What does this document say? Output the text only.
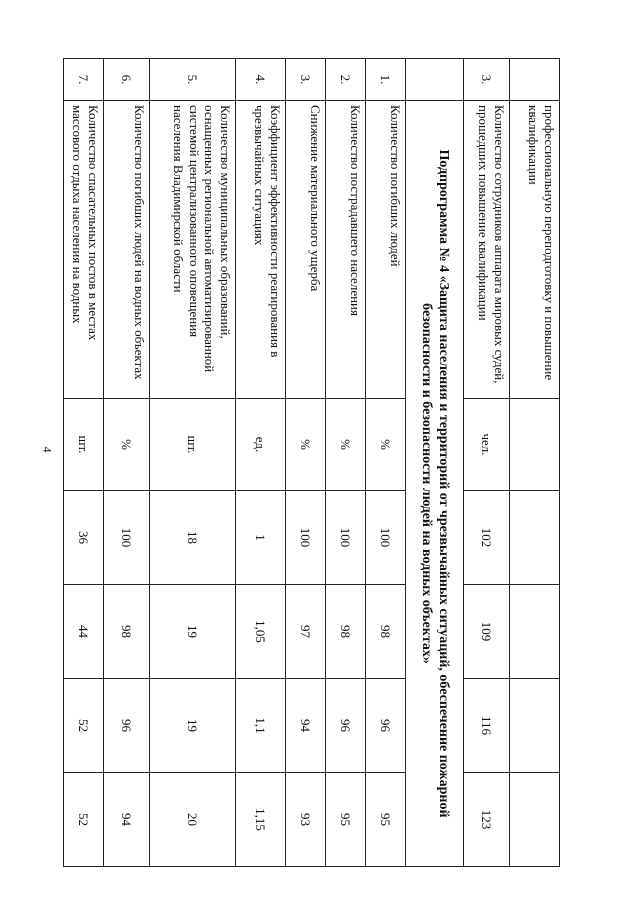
4
	профессиональную переподготовку и повышение квалификации					
3.	Количество сотрудников аппарата мировых судей, прошедших повышение квалификации	чел.	102	109	116	123
	Подпрограмма № 4 «Защита населения и территорий от чрезвычайных ситуаций, обеспечение пожарной безопасности и безопасности людей на водных объектах»					
1.	Количество погибших людей	%	100	98	96	95
2.	Количество пострадавшего населения	%	100	98	96	95
3.	Снижение материального ущерба	%	100	97	94	93
4.	Коэффициент эффективности реагирования в чрезвычайных ситуациях	ед.	1	1,05	1,1	1,15
5.	Количество муниципальных образований, оснащенных региональной автоматизированной системой централизованного оповещения населения Владимирской области	шт.	18	19	19	20
6.	Количество погибших людей на водных объектах	%	100	98	96	94
7.	Количество спасательных постов в местах массового отдыха населения на водных	шт.	36	44	52	52
